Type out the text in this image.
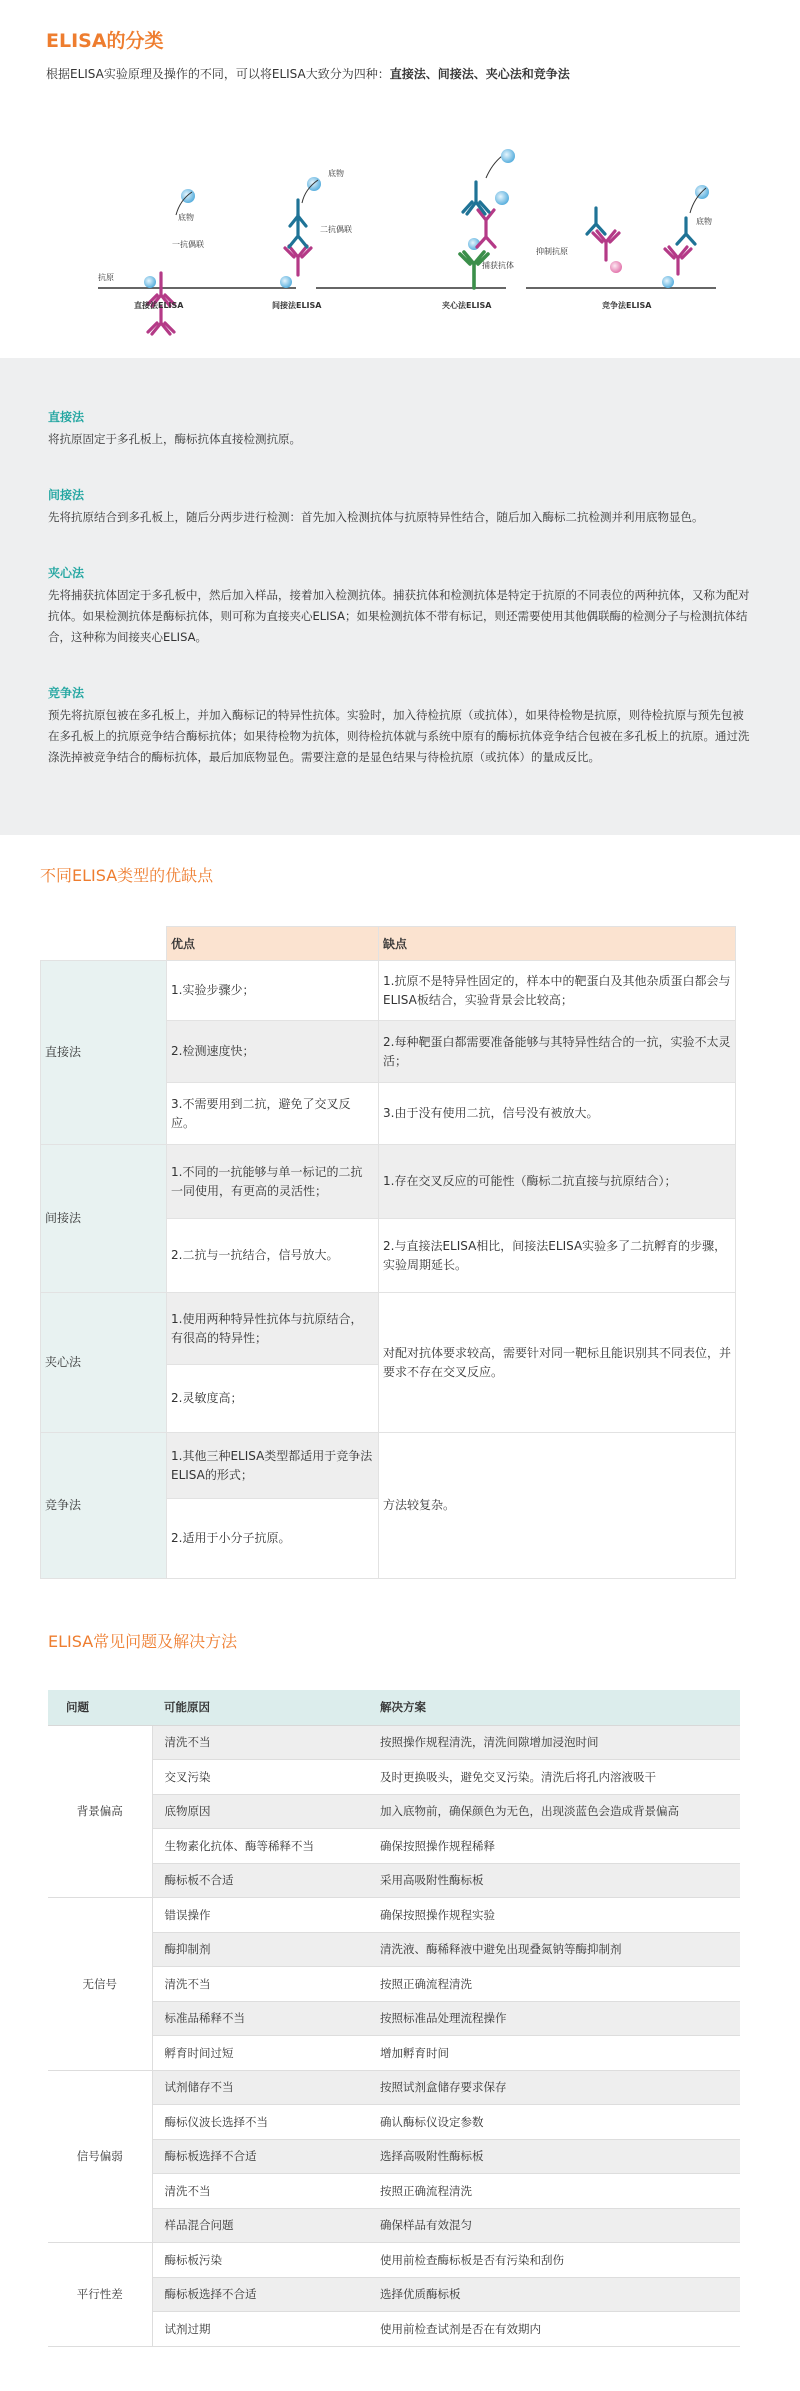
ELISA的分类

根据ELISA实验原理及操作的不同，可以将ELISA大致分为四种：直接法、间接法、夹心法和竞争法

抗原
底物
一抗偶联
底物
二抗偶联
捕获抗体
抑制抗原
底物
直接法ELISA	间接法ELISA	夹心法ELISA	竞争法ELISA
直接法

将抗原固定于多孔板上，酶标抗体直接检测抗原。

间接法

先将抗原结合到多孔板上，随后分两步进行检测：首先加入检测抗体与抗原特异性结合，随后加入酶标二抗检测并利用底物显色。

夹心法

先将捕获抗体固定于多孔板中，然后加入样品，接着加入检测抗体。捕获抗体和检测抗体是特定于抗原的不同表位的两种抗体，又称为配对抗体。如果检测抗体是酶标抗体，则可称为直接夹心ELISA；如果检测抗体不带有标记，则还需要使用其他偶联酶的检测分子与检测抗体结合，这种称为间接夹心ELISA。

竞争法

预先将抗原包被在多孔板上，并加入酶标记的特异性抗体。实验时，加入待检抗原（或抗体），如果待检物是抗原，则待检抗原与预先包被在多孔板上的抗原竞争结合酶标抗体；如果待检物为抗体，则待检抗体就与系统中原有的酶标抗体竞争结合包被在多孔板上的抗原。通过洗涤洗掉被竞争结合的酶标抗体，最后加底物显色。需要注意的是显色结果与待检抗原（或抗体）的量成反比。

不同ELISA类型的优缺点
	优点	缺点
直接法	1.实验步骤少；	1.抗原不是特异性固定的，样本中的靶蛋白及其他杂质蛋白都会与ELISA板结合，实验背景会比较高；
	2.检测速度快；	2.每种靶蛋白都需要准备能够与其特异性结合的一抗，实验不太灵活；
	3.不需要用到二抗，避免了交叉反应。	3.由于没有使用二抗，信号没有被放大。
间接法	1.不同的一抗能够与单一标记的二抗一同使用，有更高的灵活性；	1.存在交叉反应的可能性（酶标二抗直接与抗原结合）；
	2.二抗与一抗结合，信号放大。	2.与直接法ELISA相比，间接法ELISA实验多了二抗孵育的步骤，实验周期延长。
夹心法	1.使用两种特异性抗体与抗原结合，有很高的特异性；	对配对抗体要求较高，需要针对同一靶标且能识别其不同表位，并要求不存在交叉反应。
	2.灵敏度高；	
竞争法	1.其他三种ELISA类型都适用于竞争法ELISA的形式；	方法较复杂。
	2.适用于小分子抗原。	
ELISA常见问题及解决方法
问题	可能原因	解决方案
背景偏高	清洗不当	按照操作规程清洗，清洗间隙增加浸泡时间
	交叉污染	及时更换吸头，避免交叉污染。清洗后将孔内溶液吸干
	底物原因	加入底物前，确保颜色为无色，出现淡蓝色会造成背景偏高
	生物素化抗体、酶等稀释不当	确保按照操作规程稀释
	酶标板不合适	采用高吸附性酶标板
无信号	错误操作	确保按照操作规程实验
	酶抑制剂	清洗液、酶稀释液中避免出现叠氮钠等酶抑制剂
	清洗不当	按照正确流程清洗
	标准品稀释不当	按照标准品处理流程操作
	孵育时间过短	增加孵育时间
信号偏弱	试剂储存不当	按照试剂盒储存要求保存
	酶标仪波长选择不当	确认酶标仪设定参数
	酶标板选择不合适	选择高吸附性酶标板
	清洗不当	按照正确流程清洗
	样品混合问题	确保样品有效混匀
平行性差	酶标板污染	使用前检查酶标板是否有污染和刮伤
	酶标板选择不合适	选择优质酶标板
	试剂过期	使用前检查试剂是否在有效期内
